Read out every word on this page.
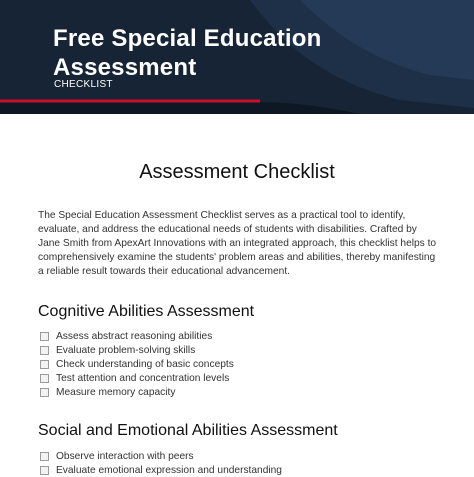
Free Special Education
Assessment
CHECKLIST
Assessment Checklist

The Special Education Assessment Checklist serves as a practical tool to identify, evaluate, and address the educational needs of students with disabilities. Crafted by Jane Smith from ApexArt Innovations with an integrated approach, this checklist helps to comprehensively examine the students' problem areas and abilities, thereby manifesting a reliable result towards their educational advancement.

Cognitive Abilities Assessment
Assess abstract reasoning abilities
Evaluate problem-solving skills
Check understanding of basic concepts
Test attention and concentration levels
Measure memory capacity
Social and Emotional Abilities Assessment
Observe interaction with peers
Evaluate emotional expression and understanding
